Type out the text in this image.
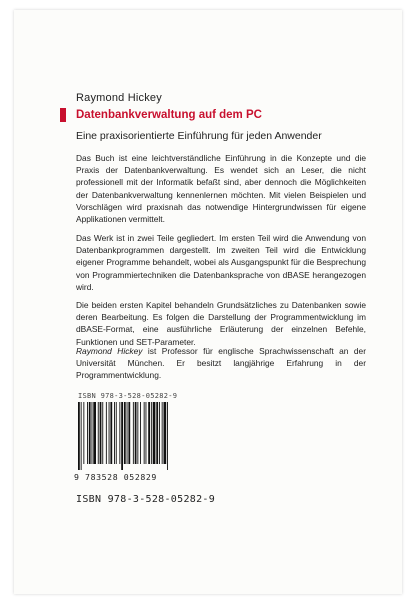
Raymond Hickey
Datenbankverwaltung auf dem PC
Eine praxisorientierte Einführung für jeden Anwender
Das Buch ist eine leichtverständliche Einführung in die Konzepte und die Praxis der Datenbankverwaltung. Es wendet sich an Leser, die nicht professionell mit der Informatik befaßt sind, aber dennoch die Möglichkeiten der Datenbankverwaltung kennenlernen möchten. Mit vielen Beispielen und Vorschlägen wird praxisnah das notwendige Hintergrundwissen für eigene Applikationen vermittelt.
Das Werk ist in zwei Teile gegliedert. Im ersten Teil wird die Anwendung von Datenbankprogrammen dargestellt. Im zweiten Teil wird die Entwicklung eigener Programme behandelt, wobei als Ausgangspunkt für die Besprechung von Programmiertechniken die Datenbanksprache von dBASE herangezogen wird.
Die beiden ersten Kapitel behandeln Grundsätzliches zu Datenbanken sowie deren Bearbeitung. Es folgen die Darstellung der Programmentwicklung im dBASE-Format, eine ausführliche Erläuterung der einzelnen Befehle, Funktionen und SET-Parameter.
Raymond Hickey ist Professor für englische Sprachwissenschaft an der Universität München. Er besitzt langjährige Erfahrung in der Programmentwicklung.
ISBN 978-3-528-05282-9
9 783528 052829
ISBN 978-3-528-05282-9
